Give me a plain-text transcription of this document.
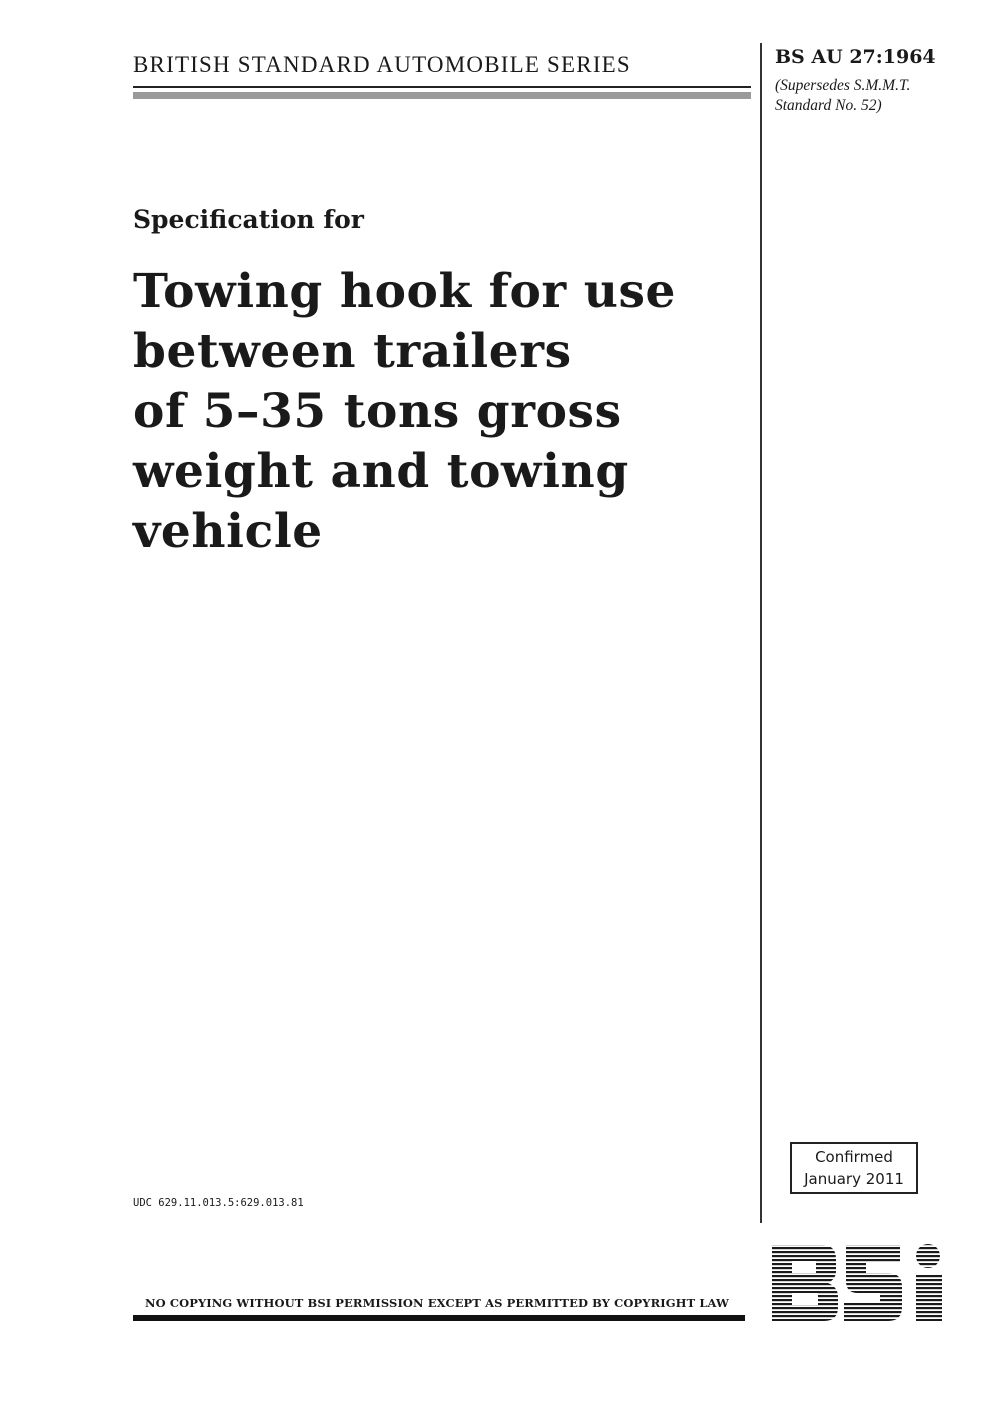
BRITISH STANDARD AUTOMOBILE SERIES	BS AU 27:1964
(Supersedes S.M.M.T.
Standard No. 52)
Specification for
Towing hook for use
between trailers
of 5–35 tons gross
weight and towing
vehicle
Confirmed
January 2011
UDC 629.11.013.5:629.013.81
NO COPYING WITHOUT BSI PERMISSION EXCEPT AS PERMITTED BY COPYRIGHT LAW
